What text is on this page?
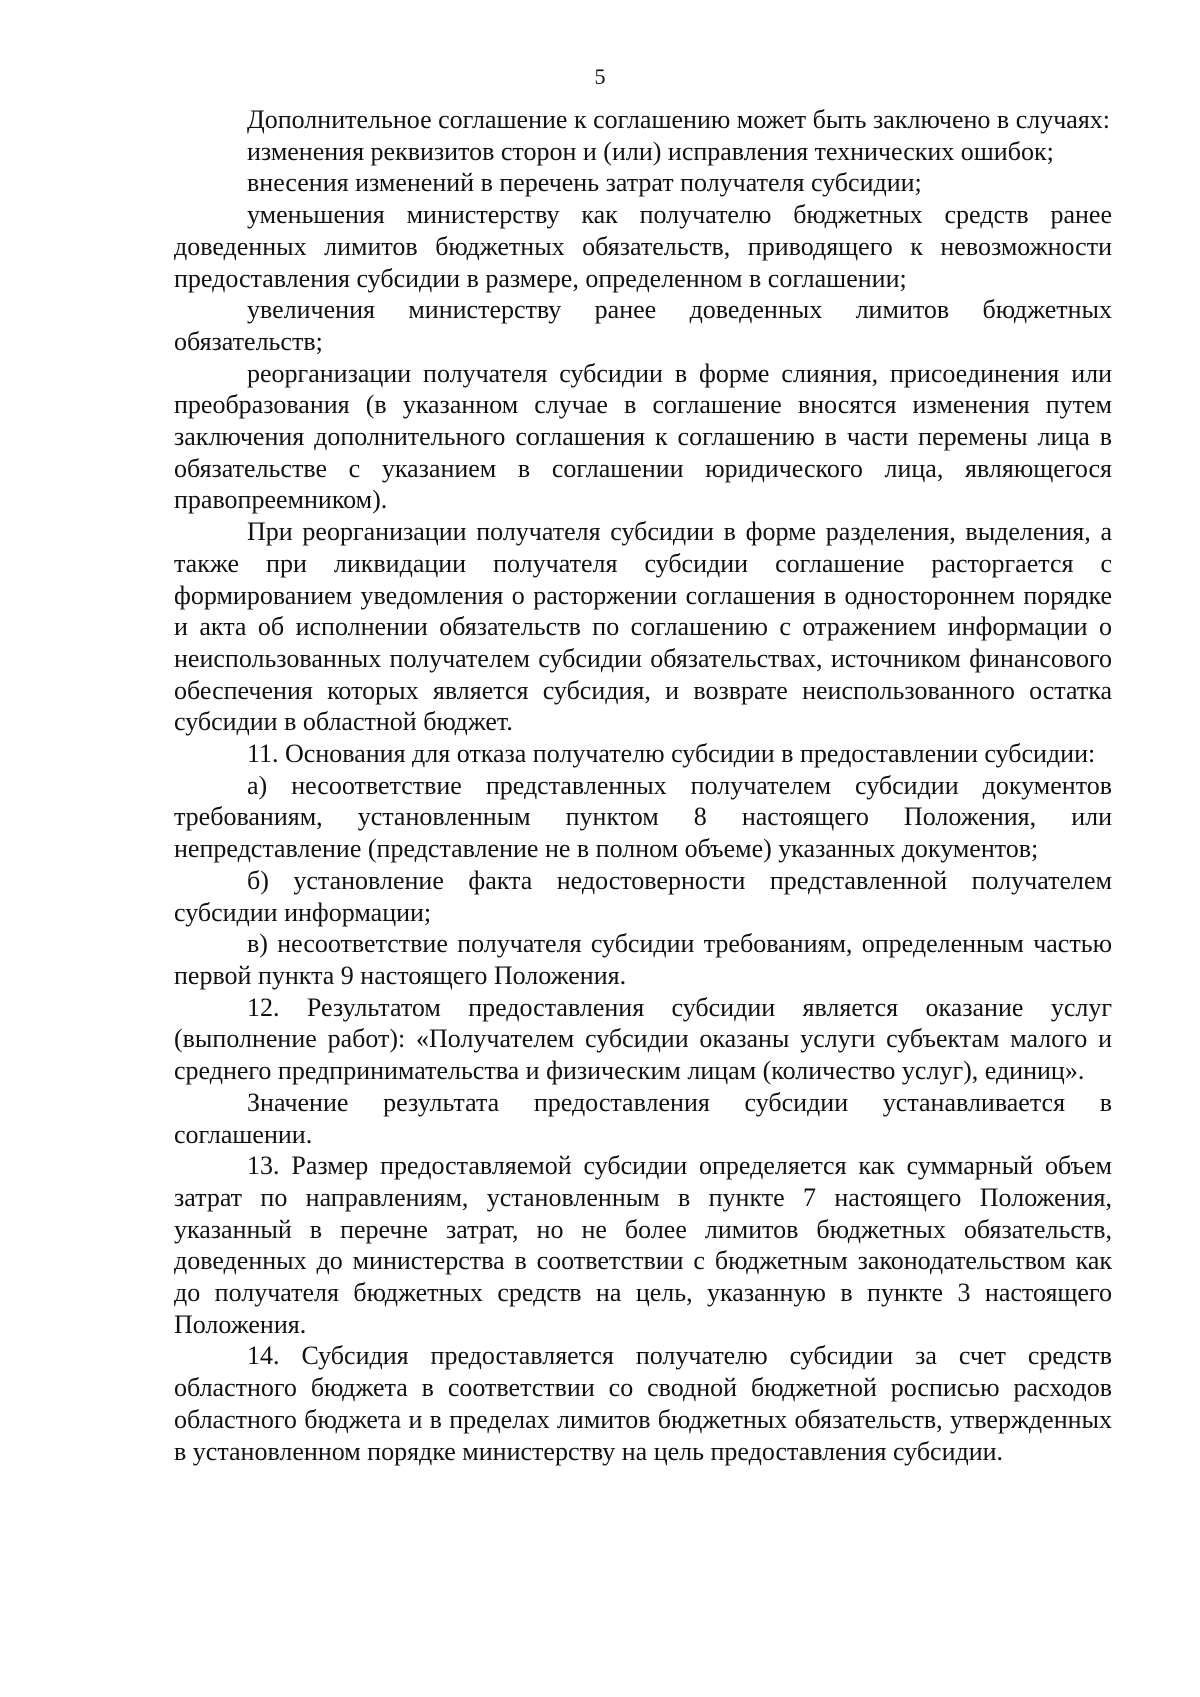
5

Дополнительное соглашение к соглашению может быть заключено в случаях:

изменения реквизитов сторон и (или) исправления технических ошибок;

внесения изменений в перечень затрат получателя субсидии;

уменьшения министерству как получателю бюджетных средств ранее доведенных лимитов бюджетных обязательств, приводящего к невозможности предоставления субсидии в размере, определенном в соглашении;

увеличения министерству ранее доведенных лимитов бюджетных обязательств;

реорганизации получателя субсидии в форме слияния, присоединения или преобразования (в указанном случае в соглашение вносятся изменения путем заключения дополнительного соглашения к соглашению в части перемены лица в обязательстве с указанием в соглашении юридического лица, являющегося правопреемником).

При реорганизации получателя субсидии в форме разделения, выделения, а также при ликвидации получателя субсидии соглашение расторгается с формированием уведомления о расторжении соглашения в одностороннем порядке и акта об исполнении обязательств по соглашению с отражением информации о неиспользованных получателем субсидии обязательствах, источником финансового обеспечения которых является субсидия, и возврате неиспользованного остатка субсидии в областной бюджет.

11. Основания для отказа получателю субсидии в предоставлении субсидии:

а) несоответствие представленных получателем субсидии документов требованиям, установленным пунктом 8 настоящего Положения, или непредставление (представление не в полном объеме) указанных документов;

б) установление факта недостоверности представленной получателем субсидии информации;

в) несоответствие получателя субсидии требованиям, определенным частью первой пункта 9 настоящего Положения.

12. Результатом предоставления субсидии является оказание услуг (выполнение работ): «Получателем субсидии оказаны услуги субъектам малого и среднего предпринимательства и физическим лицам (количество услуг), единиц».

Значение результата предоставления субсидии устанавливается в соглашении.

13. Размер предоставляемой субсидии определяется как суммарный объем затрат по направлениям, установленным в пункте 7 настоящего Положения, указанный в перечне затрат, но не более лимитов бюджетных обязательств, доведенных до министерства в соответствии с бюджетным законодательством как до получателя бюджетных средств на цель, указанную в пункте 3 настоящего Положения.

14. Субсидия предоставляется получателю субсидии за счет средств областного бюджета в соответствии со сводной бюджетной росписью расходов областного бюджета и в пределах лимитов бюджетных обязательств, утвержденных в установленном порядке министерству на цель предоставления субсидии.
